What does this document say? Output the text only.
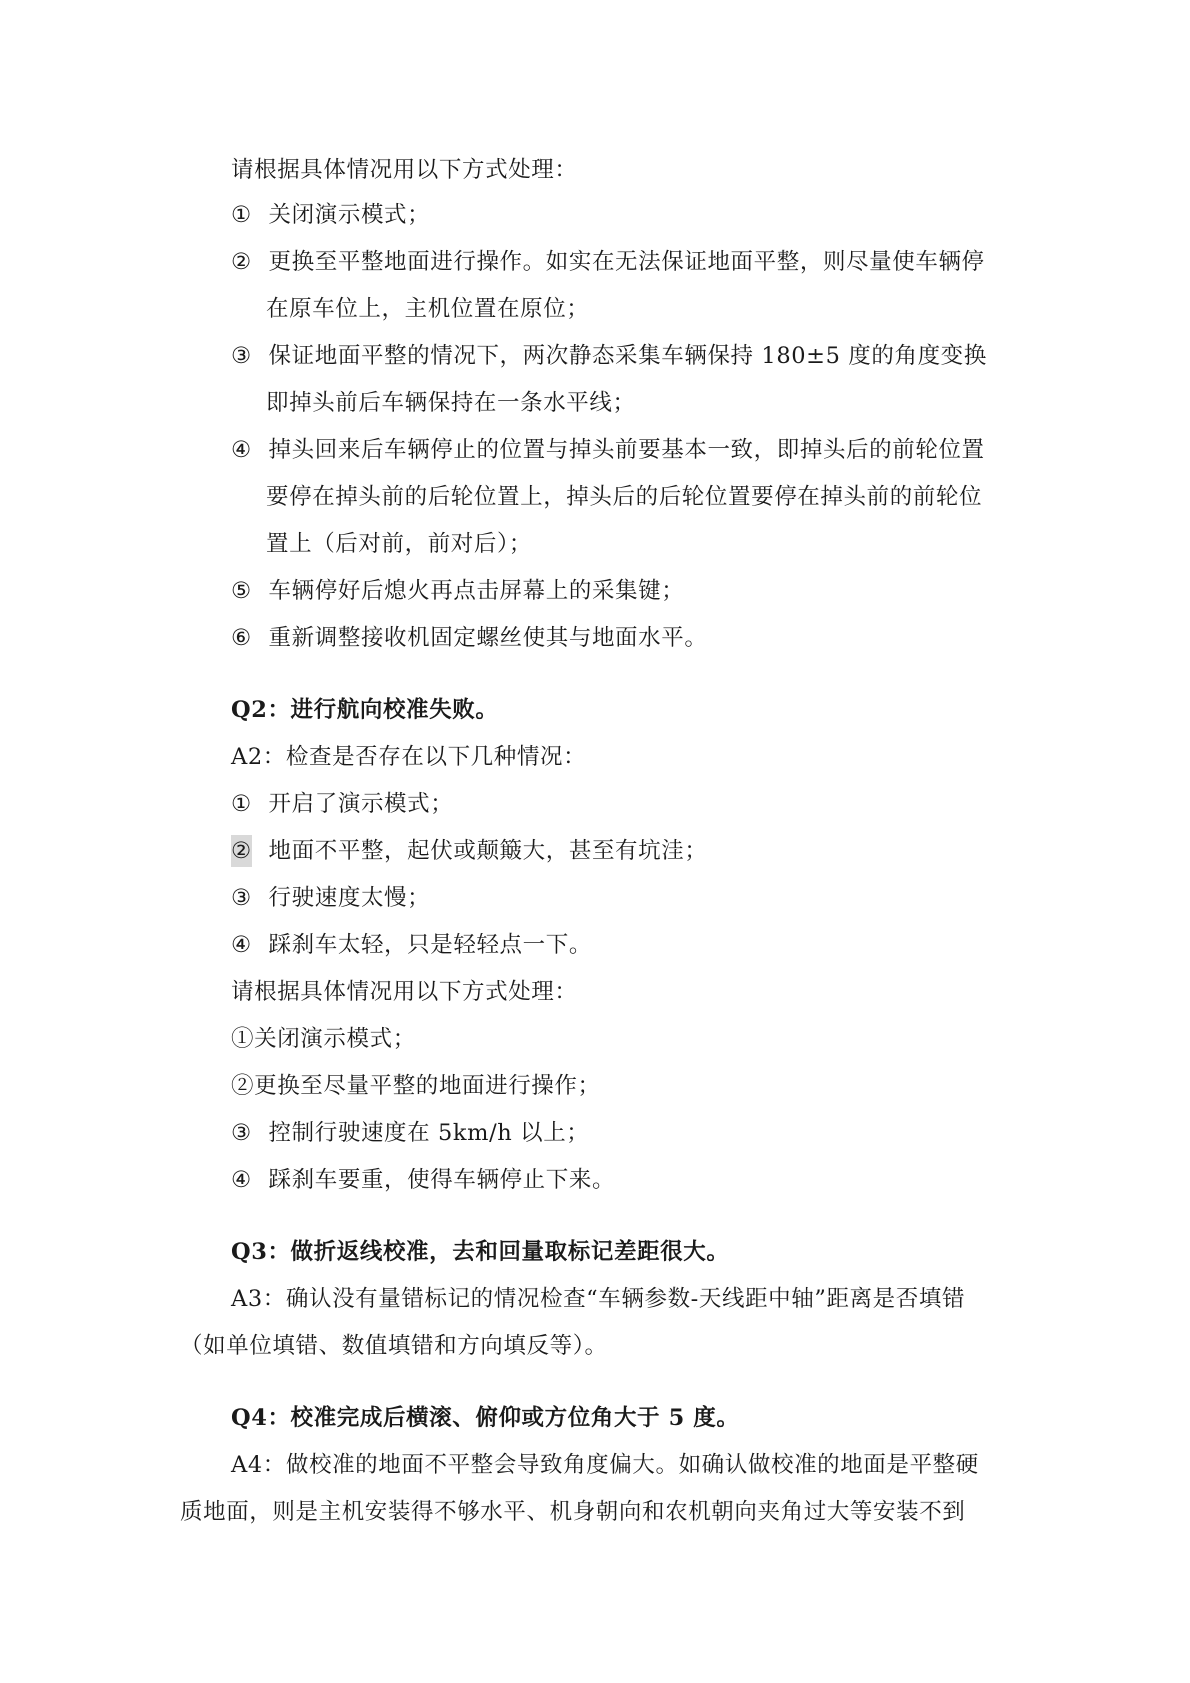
请根据具体情况用以下方式处理：
① 关闭演示模式；
② 更换至平整地面进行操作。如实在无法保证地面平整，则尽量使车辆停
在原车位上，主机位置在原位；
③ 保证地面平整的情况下，两次静态采集车辆保持 180±5 度的角度变换
即掉头前后车辆保持在一条水平线；
④ 掉头回来后车辆停止的位置与掉头前要基本一致，即掉头后的前轮位置
要停在掉头前的后轮位置上，掉头后的后轮位置要停在掉头前的前轮位
置上（后对前，前对后）；
⑤ 车辆停好后熄火再点击屏幕上的采集键；
⑥ 重新调整接收机固定螺丝使其与地面水平。
Q2：进行航向校准失败。
A2：检查是否存在以下几种情况：
① 开启了演示模式；
② 地面不平整，起伏或颠簸大，甚至有坑洼；
③ 行驶速度太慢；
④ 踩刹车太轻，只是轻轻点一下。
请根据具体情况用以下方式处理：
①关闭演示模式；
②更换至尽量平整的地面进行操作；
③ 控制行驶速度在 5km/h 以上；
④ 踩刹车要重，使得车辆停止下来。
Q3：做折返线校准，去和回量取标记差距很大。
A3：确认没有量错标记的情况检查“车辆参数-天线距中轴”距离是否填错
（如单位填错、数值填错和方向填反等）。
Q4：校准完成后横滚、俯仰或方位角大于 5 度。
A4：做校准的地面不平整会导致角度偏大。如确认做校准的地面是平整硬
质地面，则是主机安装得不够水平、机身朝向和农机朝向夹角过大等安装不到
